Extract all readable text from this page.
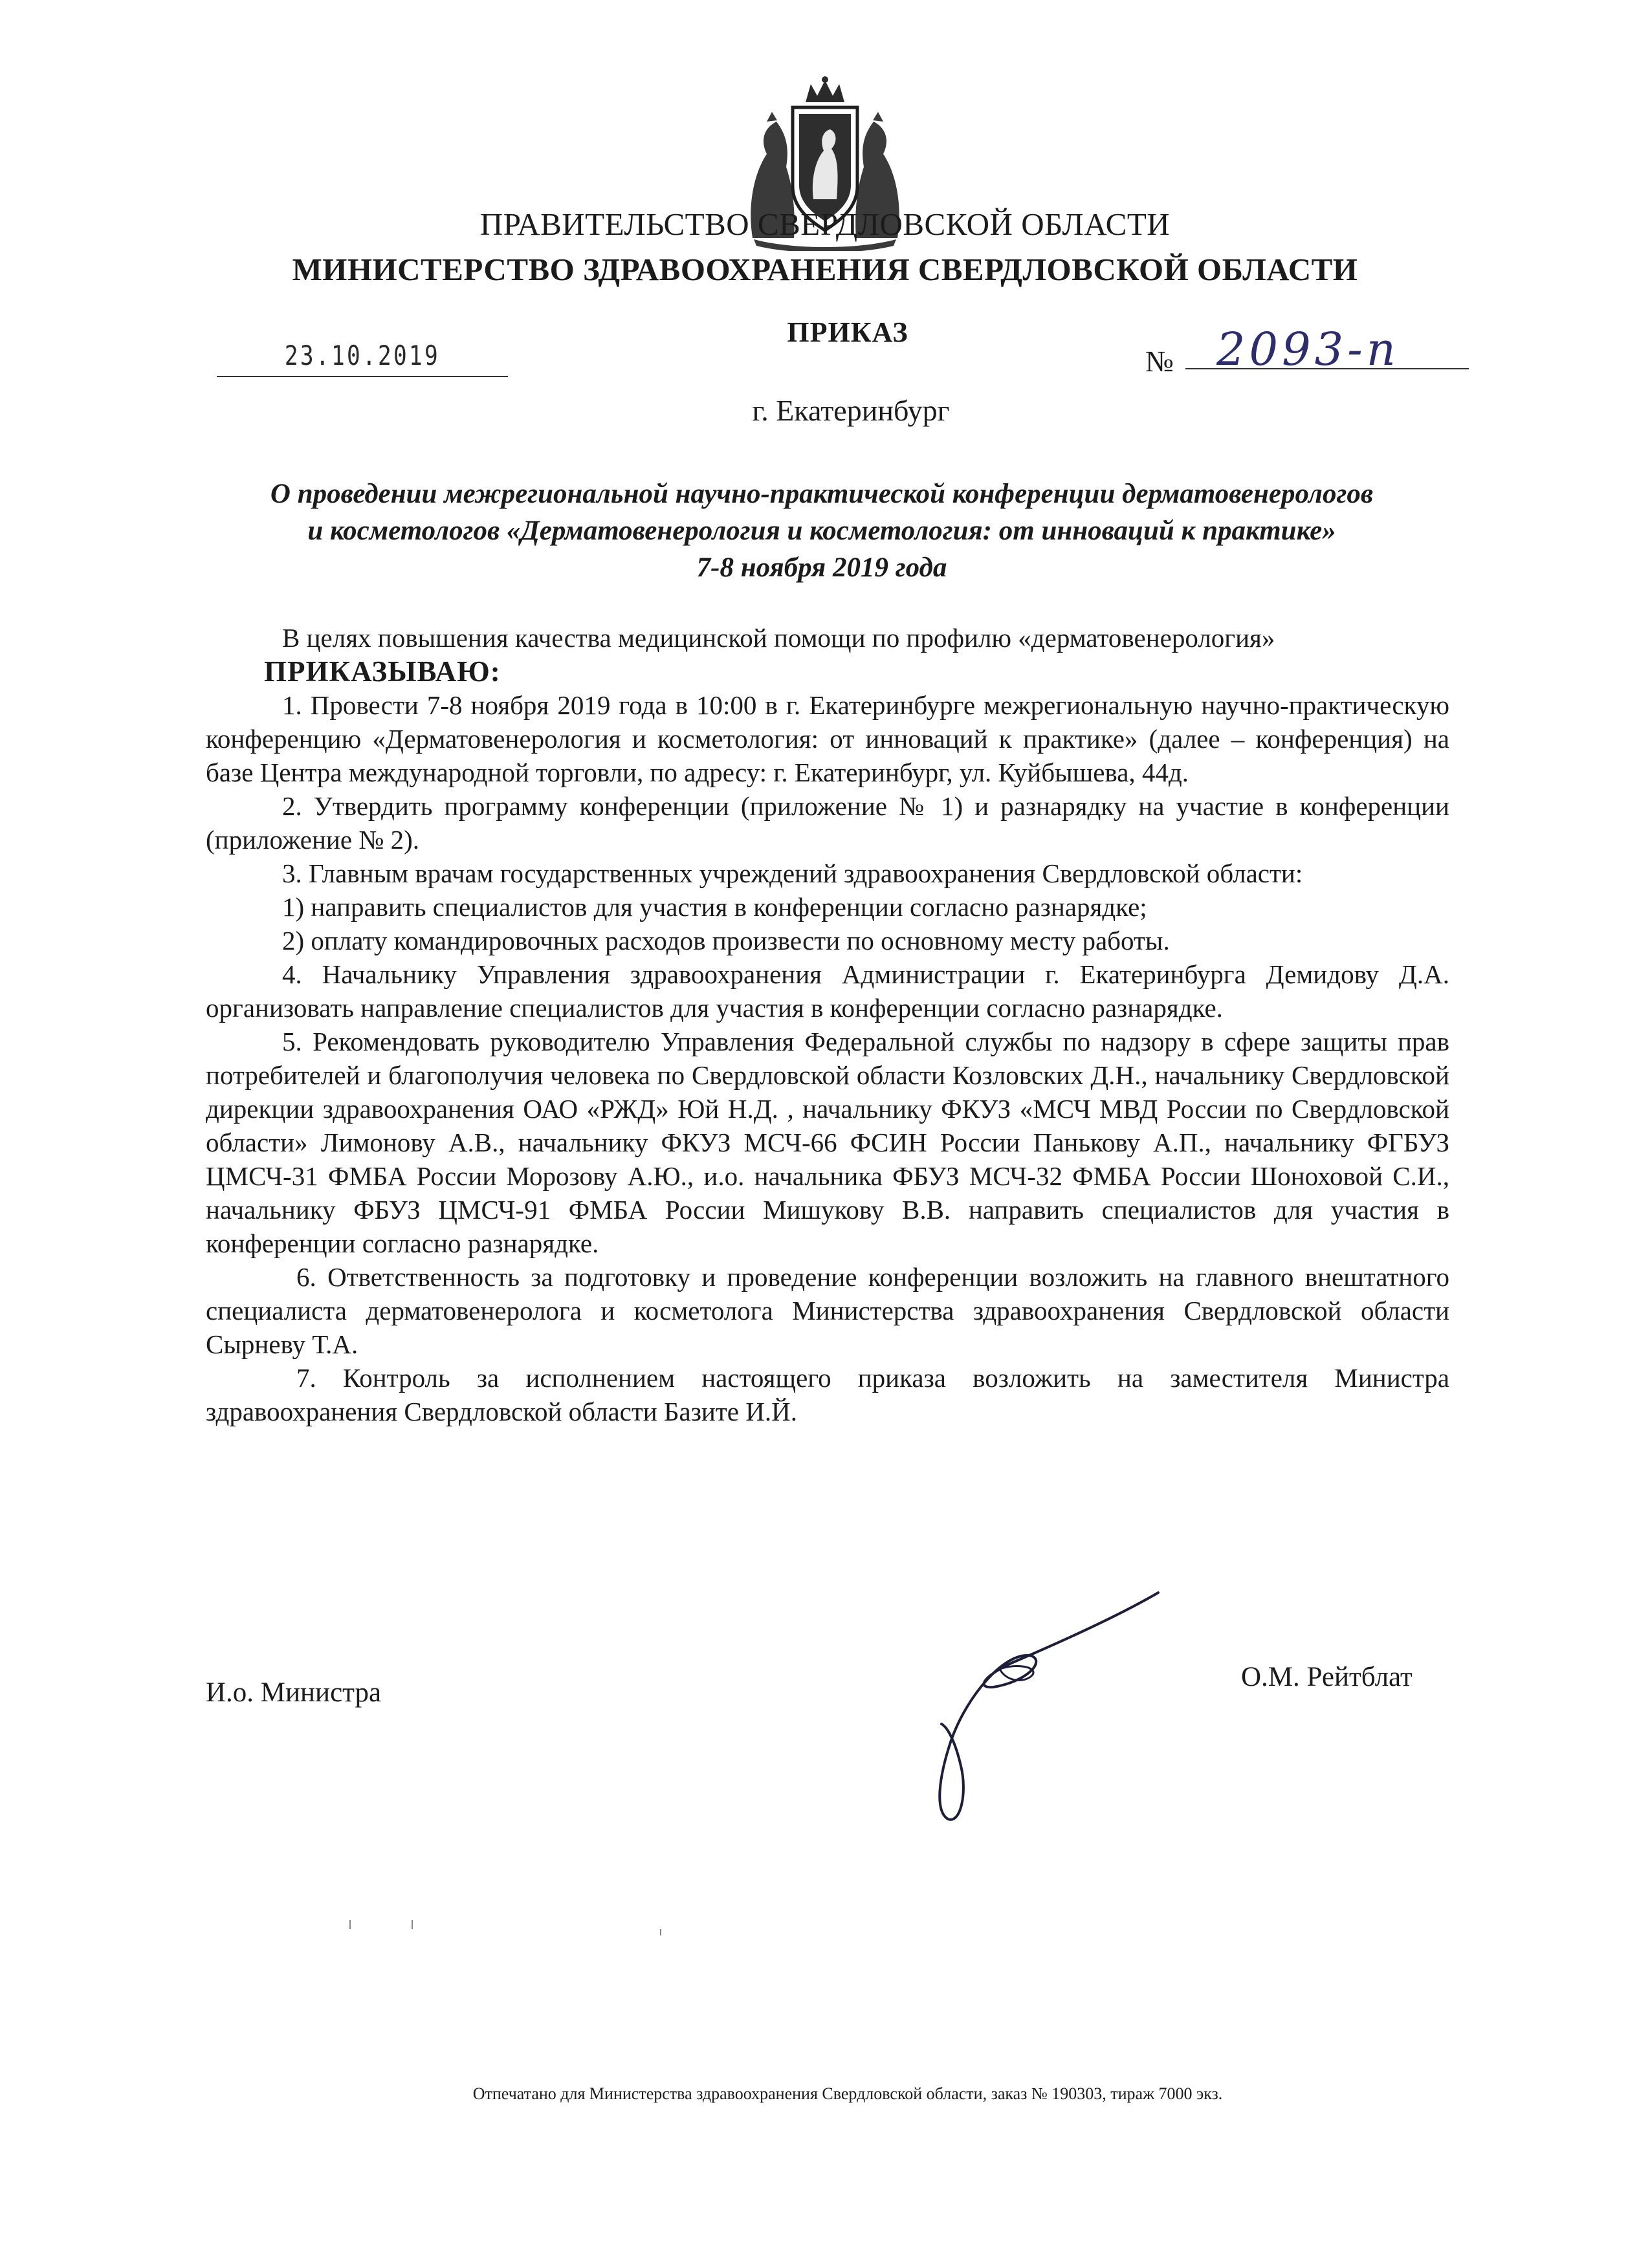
ПРАВИТЕЛЬСТВО СВЕРДЛОВСКОЙ ОБЛАСТИ
МИНИСТЕРСТВО ЗДРАВООХРАНЕНИЯ СВЕРДЛОВСКОЙ ОБЛАСТИ
ПРИКАЗ
23.10.2019	№ 2093-п
г. Екатеринбург
О проведении межрегиональной научно-практической конференции дерматовенерологов
и косметологов «Дерматовенерология и косметология: от инноваций к практике»
7-8 ноября 2019 года

В целях повышения качества медицинской помощи по профилю «дерматовенерология»

ПРИКАЗЫВАЮ:

1. Провести 7-8 ноября 2019 года в 10:00 в г. Екатеринбурге межрегиональную научно-практическую конференцию «Дерматовенерология и косметология: от инноваций к практике» (далее – конференция) на базе Центра международной торговли, по адресу: г. Екатеринбург, ул. Куйбышева, 44д.

2. Утвердить программу конференции (приложение № 1) и разнарядку на участие в конференции (приложение № 2).

3. Главным врачам государственных учреждений здравоохранения Свердловской области:

1) направить специалистов для участия в конференции согласно разнарядке;

2) оплату командировочных расходов произвести по основному месту работы.

4. Начальнику Управления здравоохранения Администрации г. Екатеринбурга Демидову Д.А. организовать направление специалистов для участия в конференции согласно разнарядке.

5. Рекомендовать руководителю Управления Федеральной службы по надзору в сфере защиты прав потребителей и благополучия человека по Свердловской области Козловских Д.Н., начальнику Свердловской дирекции здравоохранения ОАО «РЖД» Юй Н.Д. , начальнику ФКУЗ «МСЧ МВД России по Свердловской области» Лимонову А.В., начальнику ФКУЗ МСЧ-66 ФСИН России Панькову А.П., начальнику ФГБУЗ ЦМСЧ-31 ФМБА России Морозову А.Ю., и.о. начальника ФБУЗ МСЧ-32 ФМБА России Шоноховой С.И., начальнику ФБУЗ ЦМСЧ-91 ФМБА России Мишукову В.В. направить специалистов для участия в конференции согласно разнарядке.

6. Ответственность за подготовку и проведение конференции возложить на главного внештатного специалиста дерматовенеролога и косметолога Министерства здравоохранения Свердловской области Сырневу Т.А.

7. Контроль за исполнением настоящего приказа возложить на заместителя Министра здравоохранения Свердловской области Базите И.Й.

И.о. Министра
О.М. Рейтблат
Отпечатано для Министерства здравоохранения Свердловской области, заказ № 190303, тираж 7000 экз.
